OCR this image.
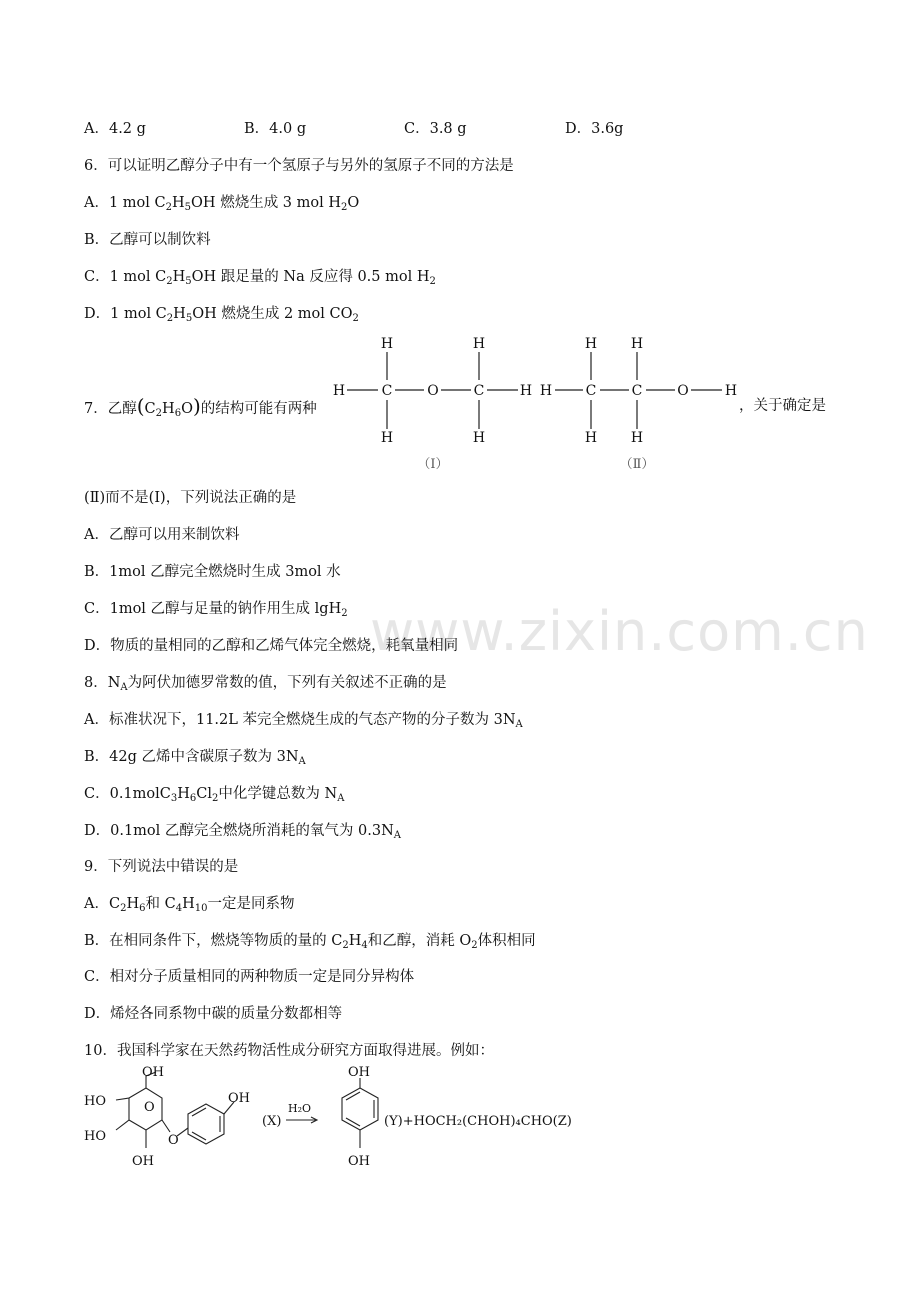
www.zixin.com.cn
A．4.2 g	B．4.0 g	C．3.8 g	D．3.6g
6．可以证明乙醇分子中有一个氢原子与另外的氢原子不同的方法是
A．1 mol $C_2H_5OH$ 燃烧生成 3 mol $H_2O$
B．乙醇可以制饮料
C．1 mol $C_2H_5OH$ 跟足量的 Na 反应得 0.5 mol $H_2$
D．1 mol $C_2H_5OH$ 燃烧生成 2 mol $CO_2$
7．乙醇$(C_2H_6O)$的结构可能有两种	，关于确定是
H	C O C	H
H
H
H
H
H C	C O	H
H
H
H
H
（Ⅰ）	（Ⅱ）
(Ⅱ)而不是(Ⅰ)，下列说法正确的是
A．乙醇可以用来制饮料
B．1mol 乙醇完全燃烧时生成 3mol 水
C．1mol 乙醇与足量的钠作用生成 lgH$_2$
D．物质的量相同的乙醇和乙烯气体完全燃烧，耗氧量相同
8．$N_A$为阿伏加德罗常数的值，下列有关叙述不正确的是
A．标准状况下，11.2L 苯完全燃烧生成的气态产物的分子数为 $3N_A$
B．42g 乙烯中含碳原子数为 $3N_A$
C．$0.1molC_3H_6Cl_2$中化学键总数为 $N_A$
D．0.1mol 乙醇完全燃烧所消耗的氧气为 $0.3N_A$
9．下列说法中错误的是
A．$C_2H_6$和 $C_4H_{10}$一定是同系物
B．在相同条件下，燃烧等物质的量的 $C_2H_4$和乙醇，消耗 $O_2$体积相同
C．相对分子质量相同的两种物质一定是同分异构体
D．烯烃各同系物中碳的质量分数都相等
10．我国科学家在天然药物活性成分研究方面取得进展。例如：
OH
HO	O
HO
OH
O
OH
(X)
H₂O
OH
OH
(Y)+HOCH₂(CHOH)₄CHO(Z)
